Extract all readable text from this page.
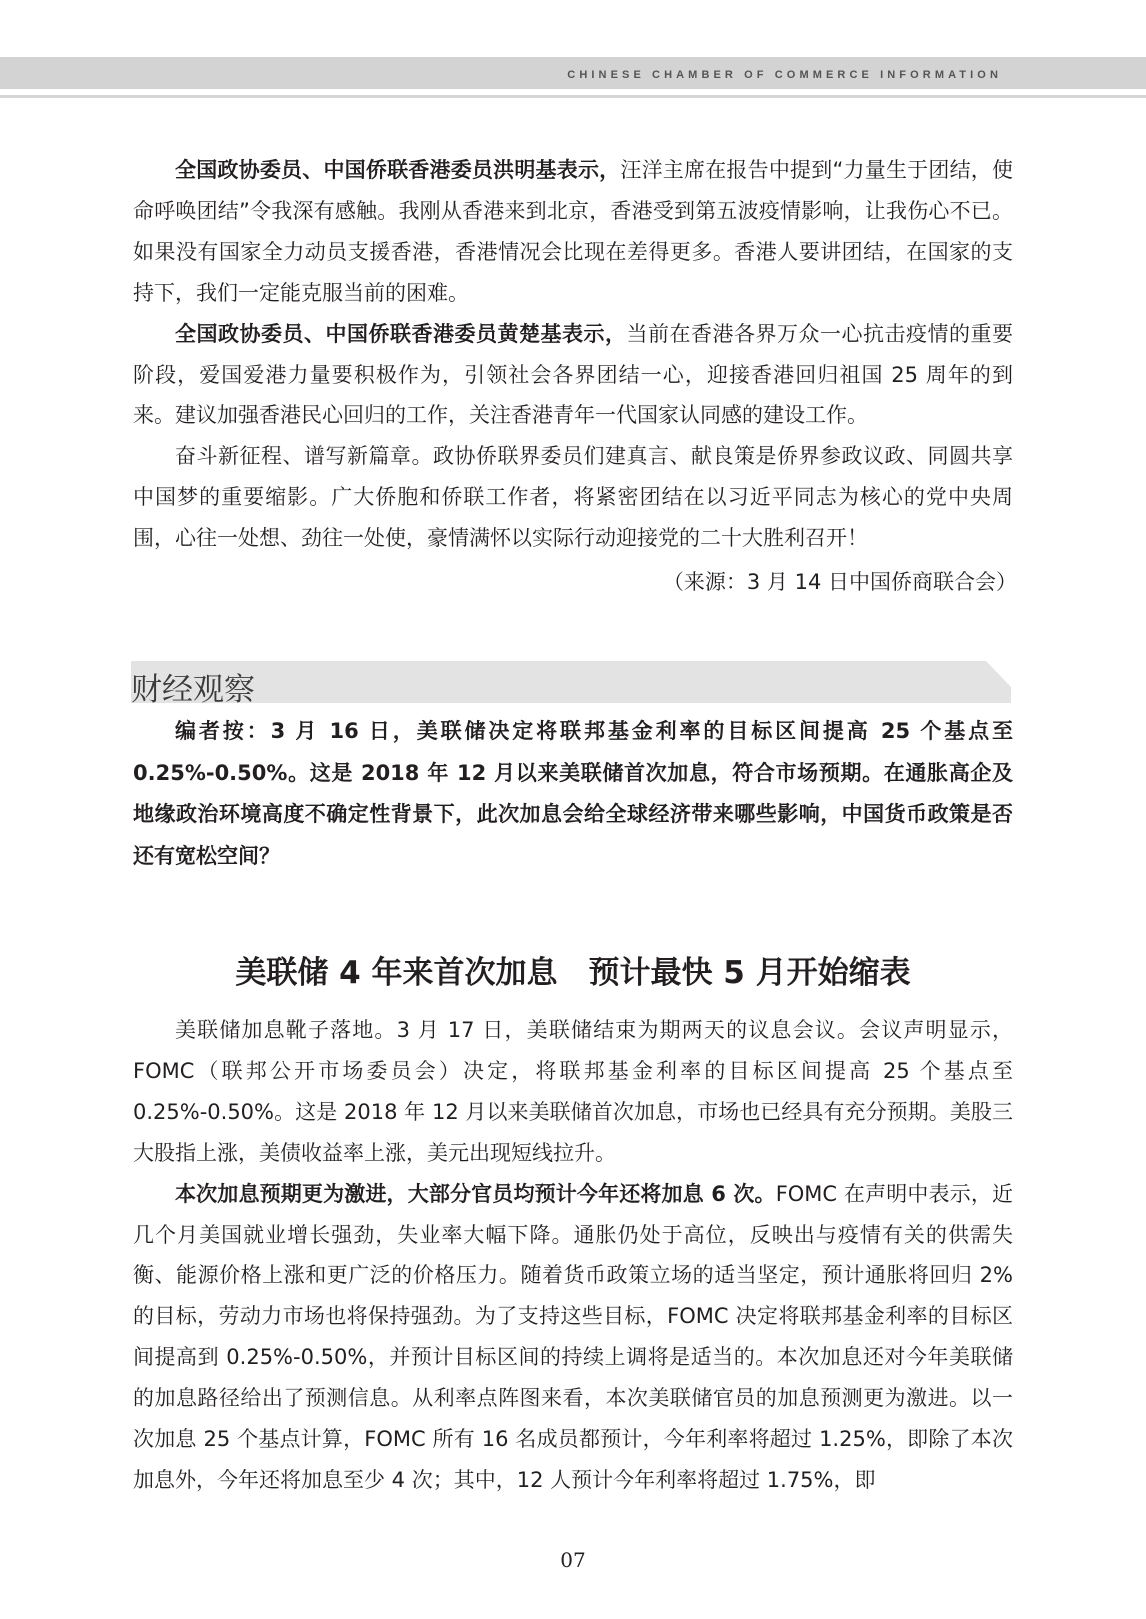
CHINESE CHAMBER OF COMMERCE INFORMATION

全国政协委员、中国侨联香港委员洪明基表示，汪洋主席在报告中提到“力量生于团结，使命呼唤团结”令我深有感触。我刚从香港来到北京，香港受到第五波疫情影响，让我伤心不已。如果没有国家全力动员支援香港，香港情况会比现在差得更多。香港人要讲团结，在国家的支持下，我们一定能克服当前的困难。

全国政协委员、中国侨联香港委员黄楚基表示，当前在香港各界万众一心抗击疫情的重要阶段，爱国爱港力量要积极作为，引领社会各界团结一心，迎接香港回归祖国 25 周年的到来。建议加强香港民心回归的工作，关注香港青年一代国家认同感的建设工作。

奋斗新征程、谱写新篇章。政协侨联界委员们建真言、献良策是侨界参政议政、同圆共享中国梦的重要缩影。广大侨胞和侨联工作者，将紧密团结在以习近平同志为核心的党中央周围，心往一处想、劲往一处使，豪情满怀以实际行动迎接党的二十大胜利召开！

（来源：3 月 14 日中国侨商联合会）
财经观察

编者按：3 月 16 日，美联储决定将联邦基金利率的目标区间提高 25 个基点至 0.25%-0.50%。这是 2018 年 12 月以来美联储首次加息，符合市场预期。在通胀高企及地缘政治环境高度不确定性背景下，此次加息会给全球经济带来哪些影响，中国货币政策是否还有宽松空间？

美联储 4 年来首次加息　预计最快 5 月开始缩表

美联储加息靴子落地。3 月 17 日，美联储结束为期两天的议息会议。会议声明显示，FOMC（联邦公开市场委员会）决定，将联邦基金利率的目标区间提高 25 个基点至 0.25%-0.50%。这是 2018 年 12 月以来美联储首次加息，市场也已经具有充分预期。美股三大股指上涨，美债收益率上涨，美元出现短线拉升。

本次加息预期更为激进，大部分官员均预计今年还将加息 6 次。FOMC 在声明中表示，近几个月美国就业增长强劲，失业率大幅下降。通胀仍处于高位，反映出与疫情有关的供需失衡、能源价格上涨和更广泛的价格压力。随着货币政策立场的适当坚定，预计通胀将回归 2% 的目标，劳动力市场也将保持强劲。为了支持这些目标，FOMC 决定将联邦基金利率的目标区间提高到 0.25%-0.50%，并预计目标区间的持续上调将是适当的。本次加息还对今年美联储的加息路径给出了预测信息。从利率点阵图来看，本次美联储官员的加息预测更为激进。以一次加息 25 个基点计算，FOMC 所有 16 名成员都预计，今年利率将超过 1.25%，即除了本次加息外，今年还将加息至少 4 次；其中，12 人预计今年利率将超过 1.75%，即

07
